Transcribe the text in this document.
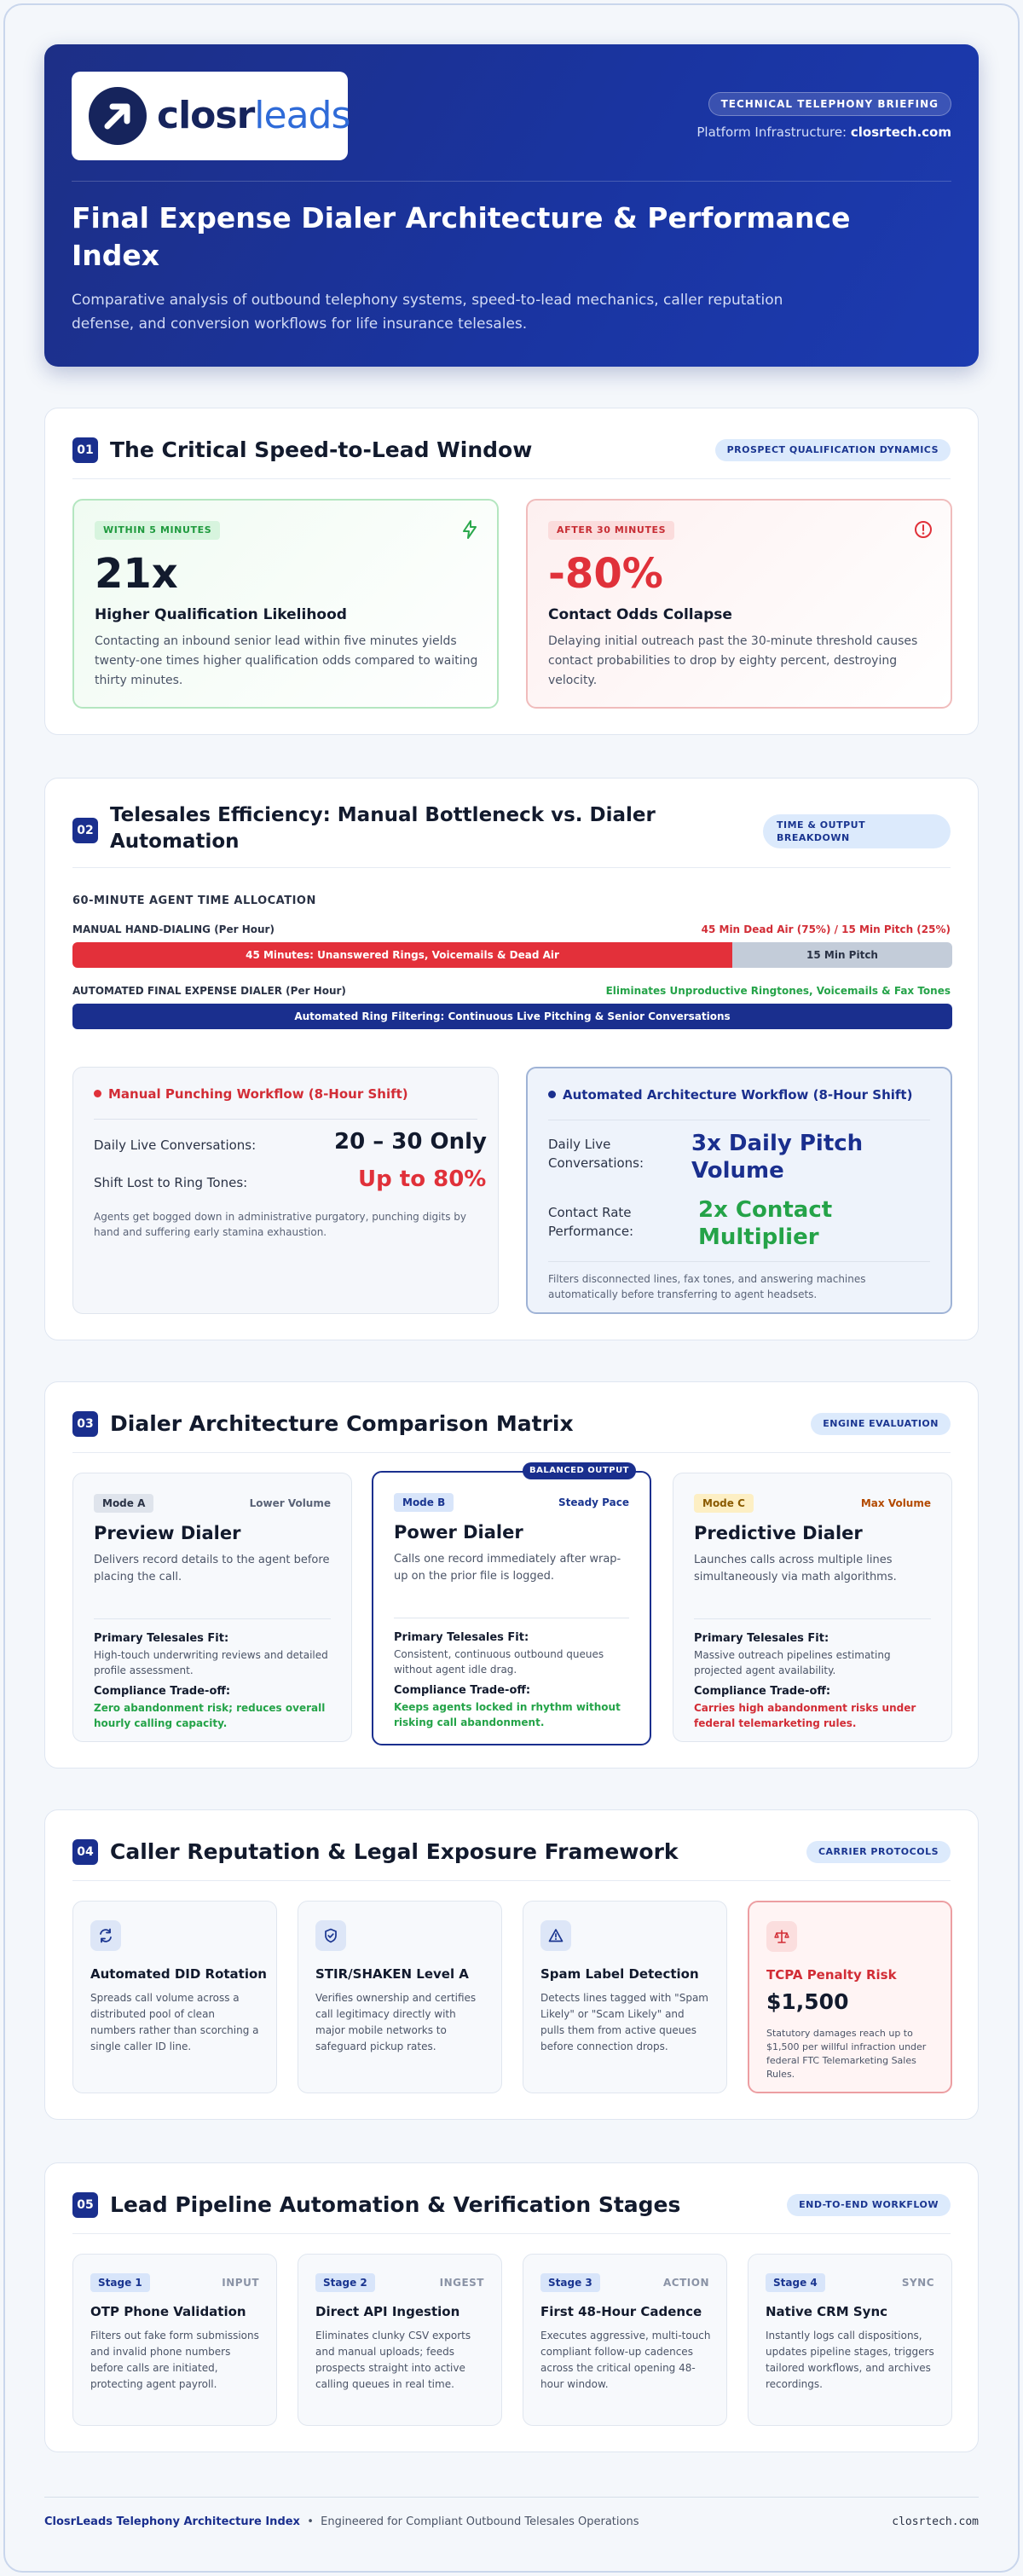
closrleads	TECHNICAL TELEPHONY BRIEFING
Platform Infrastructure: closrtech.com
Final Expense Dialer Architecture & Performance Index
Comparative analysis of outbound telephony systems, speed-to-lead mechanics, caller reputation defense, and conversion workflows for life insurance telesales.
01 The Critical Speed-to-Lead Window	PROSPECT QUALIFICATION DYNAMICS
WITHIN 5 MINUTES
21x
Higher Qualification Likelihood
Contacting an inbound senior lead within five minutes yields twenty-one times higher qualification odds compared to waiting thirty minutes.
AFTER 30 MINUTES
-80%
Contact Odds Collapse
Delaying initial outreach past the 30-minute threshold causes contact probabilities to drop by eighty percent, destroying velocity.
02
Telesales Efficiency: Manual Bottleneck vs. Dialer Automation
TIME & OUTPUT BREAKDOWN
60-MINUTE AGENT TIME ALLOCATION
MANUAL HAND-DIALING (Per Hour)	45 Min Dead Air (75%) / 15 Min Pitch (25%)
45 Minutes: Unanswered Rings, Voicemails & Dead Air	15 Min Pitch
AUTOMATED FINAL EXPENSE DIALER (Per Hour)	Eliminates Unproductive Ringtones, Voicemails & Fax Tones
Automated Ring Filtering: Continuous Live Pitching & Senior Conversations
Manual Punching Workflow (8-Hour Shift)
Daily Live Conversations:	20 – 30 Only
Shift Lost to Ring Tones:	Up to 80%
Agents get bogged down in administrative purgatory, punching digits by hand and suffering early stamina exhaustion.
Automated Architecture Workflow (8-Hour Shift)
Daily Live Conversations:
3x Daily Pitch Volume
Contact Rate Performance:
2x Contact Multiplier
Filters disconnected lines, fax tones, and answering machines automatically before transferring to agent headsets.
03 Dialer Architecture Comparison Matrix	ENGINE EVALUATION
Mode A	Lower Volume
Preview Dialer
Delivers record details to the agent before placing the call.
Primary Telesales Fit:
High-touch underwriting reviews and detailed profile assessment.
Compliance Trade-off:
Zero abandonment risk; reduces overall hourly calling capacity.
Mode B	Steady Pace
Power Dialer
Calls one record immediately after wrap-up on the prior file is logged.
Primary Telesales Fit:
Consistent, continuous outbound queues without agent idle drag.
Compliance Trade-off:
Keeps agents locked in rhythm without risking call abandonment.
BALANCED OUTPUT
Mode C	Max Volume
Predictive Dialer
Launches calls across multiple lines simultaneously via math algorithms.
Primary Telesales Fit:
Massive outreach pipelines estimating projected agent availability.
Compliance Trade-off:
Carries high abandonment risks under federal telemarketing rules.
04 Caller Reputation & Legal Exposure Framework	CARRIER PROTOCOLS
Automated DID Rotation
Spreads call volume across a distributed pool of clean numbers rather than scorching a single caller ID line.
STIR/SHAKEN Level A
Verifies ownership and certifies call legitimacy directly with major mobile networks to safeguard pickup rates.
Spam Label Detection
Detects lines tagged with "Spam Likely" or "Scam Likely" and pulls them from active queues before connection drops.
TCPA Penalty Risk
$1,500
Statutory damages reach up to $1,500 per willful infraction under federal FTC Telemarketing Sales Rules.
05 Lead Pipeline Automation & Verification Stages	END-TO-END WORKFLOW
Stage 1	INPUT
OTP Phone Validation
Filters out fake form submissions and invalid phone numbers before calls are initiated, protecting agent payroll.
Stage 2	INGEST
Direct API Ingestion
Eliminates clunky CSV exports and manual uploads; feeds prospects straight into active calling queues in real time.
Stage 3	ACTION
First 48-Hour Cadence
Executes aggressive, multi-touch compliant follow-up cadences across the critical opening 48-hour window.
Stage 4	SYNC
Native CRM Sync
Instantly logs call dispositions, updates pipeline stages, triggers tailored workflows, and archives recordings.
ClosrLeads Telephony Architecture Index • Engineered for Compliant Outbound Telesales Operations	closrtech.com
